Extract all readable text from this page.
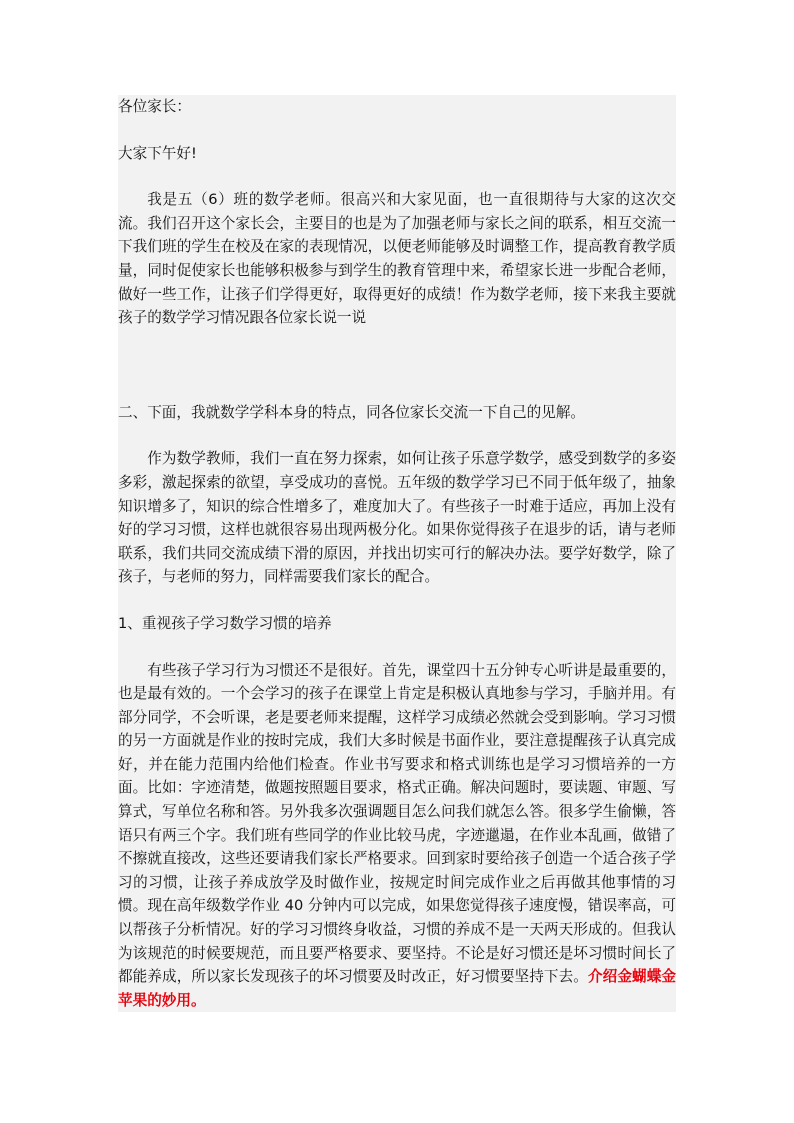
各位家长：

大家下午好!

我是五（6）班的数学老师。很高兴和大家见面，也一直很期待与大家的这次交流。我们召开这个家长会，主要目的也是为了加强老师与家长之间的联系，相互交流一下我们班的学生在校及在家的表现情况，以便老师能够及时调整工作，提高教育教学质量，同时促使家长也能够积极参与到学生的教育管理中来，希望家长进一步配合老师，做好一些工作，让孩子们学得更好，取得更好的成绩！作为数学老师，接下来我主要就孩子的数学学习情况跟各位家长说一说

二、下面，我就数学学科本身的特点，同各位家长交流一下自己的见解。

作为数学教师，我们一直在努力探索，如何让孩子乐意学数学，感受到数学的多姿多彩，激起探索的欲望，享受成功的喜悦。五年级的数学学习已不同于低年级了，抽象知识增多了，知识的综合性增多了，难度加大了。有些孩子一时难于适应，再加上没有好的学习习惯，这样也就很容易出现两极分化。如果你觉得孩子在退步的话，请与老师联系，我们共同交流成绩下滑的原因，并找出切实可行的解决办法。要学好数学，除了孩子，与老师的努力，同样需要我们家长的配合。

1、重视孩子学习数学习惯的培养

有些孩子学习行为习惯还不是很好。首先，课堂四十五分钟专心听讲是最重要的，也是最有效的。一个会学习的孩子在课堂上肯定是积极认真地参与学习，手脑并用。有部分同学，不会听课，老是要老师来提醒，这样学习成绩必然就会受到影响。学习习惯的另一方面就是作业的按时完成，我们大多时候是书面作业，要注意提醒孩子认真完成好，并在能力范围内给他们检查。作业书写要求和格式训练也是学习习惯培养的一方面。比如：字迹清楚，做题按照题目要求，格式正确。解决问题时，要读题、审题、写算式，写单位名称和答。另外我多次强调题目怎么问我们就怎么答。很多学生偷懒，答语只有两三个字。我们班有些同学的作业比较马虎，字迹邋遢，在作业本乱画，做错了不擦就直接改，这些还要请我们家长严格要求。回到家时要给孩子创造一个适合孩子学习的习惯，让孩子养成放学及时做作业，按规定时间完成作业之后再做其他事情的习惯。现在高年级数学作业 40 分钟内可以完成，如果您觉得孩子速度慢，错误率高，可以帮孩子分析情况。好的学习习惯终身收益，习惯的养成不是一天两天形成的。但我认为该规范的时候要规范，而且要严格要求、要坚持。不论是好习惯还是坏习惯时间长了都能养成，所以家长发现孩子的坏习惯要及时改正，好习惯要坚持下去。介绍金蝴蝶金苹果的妙用。
